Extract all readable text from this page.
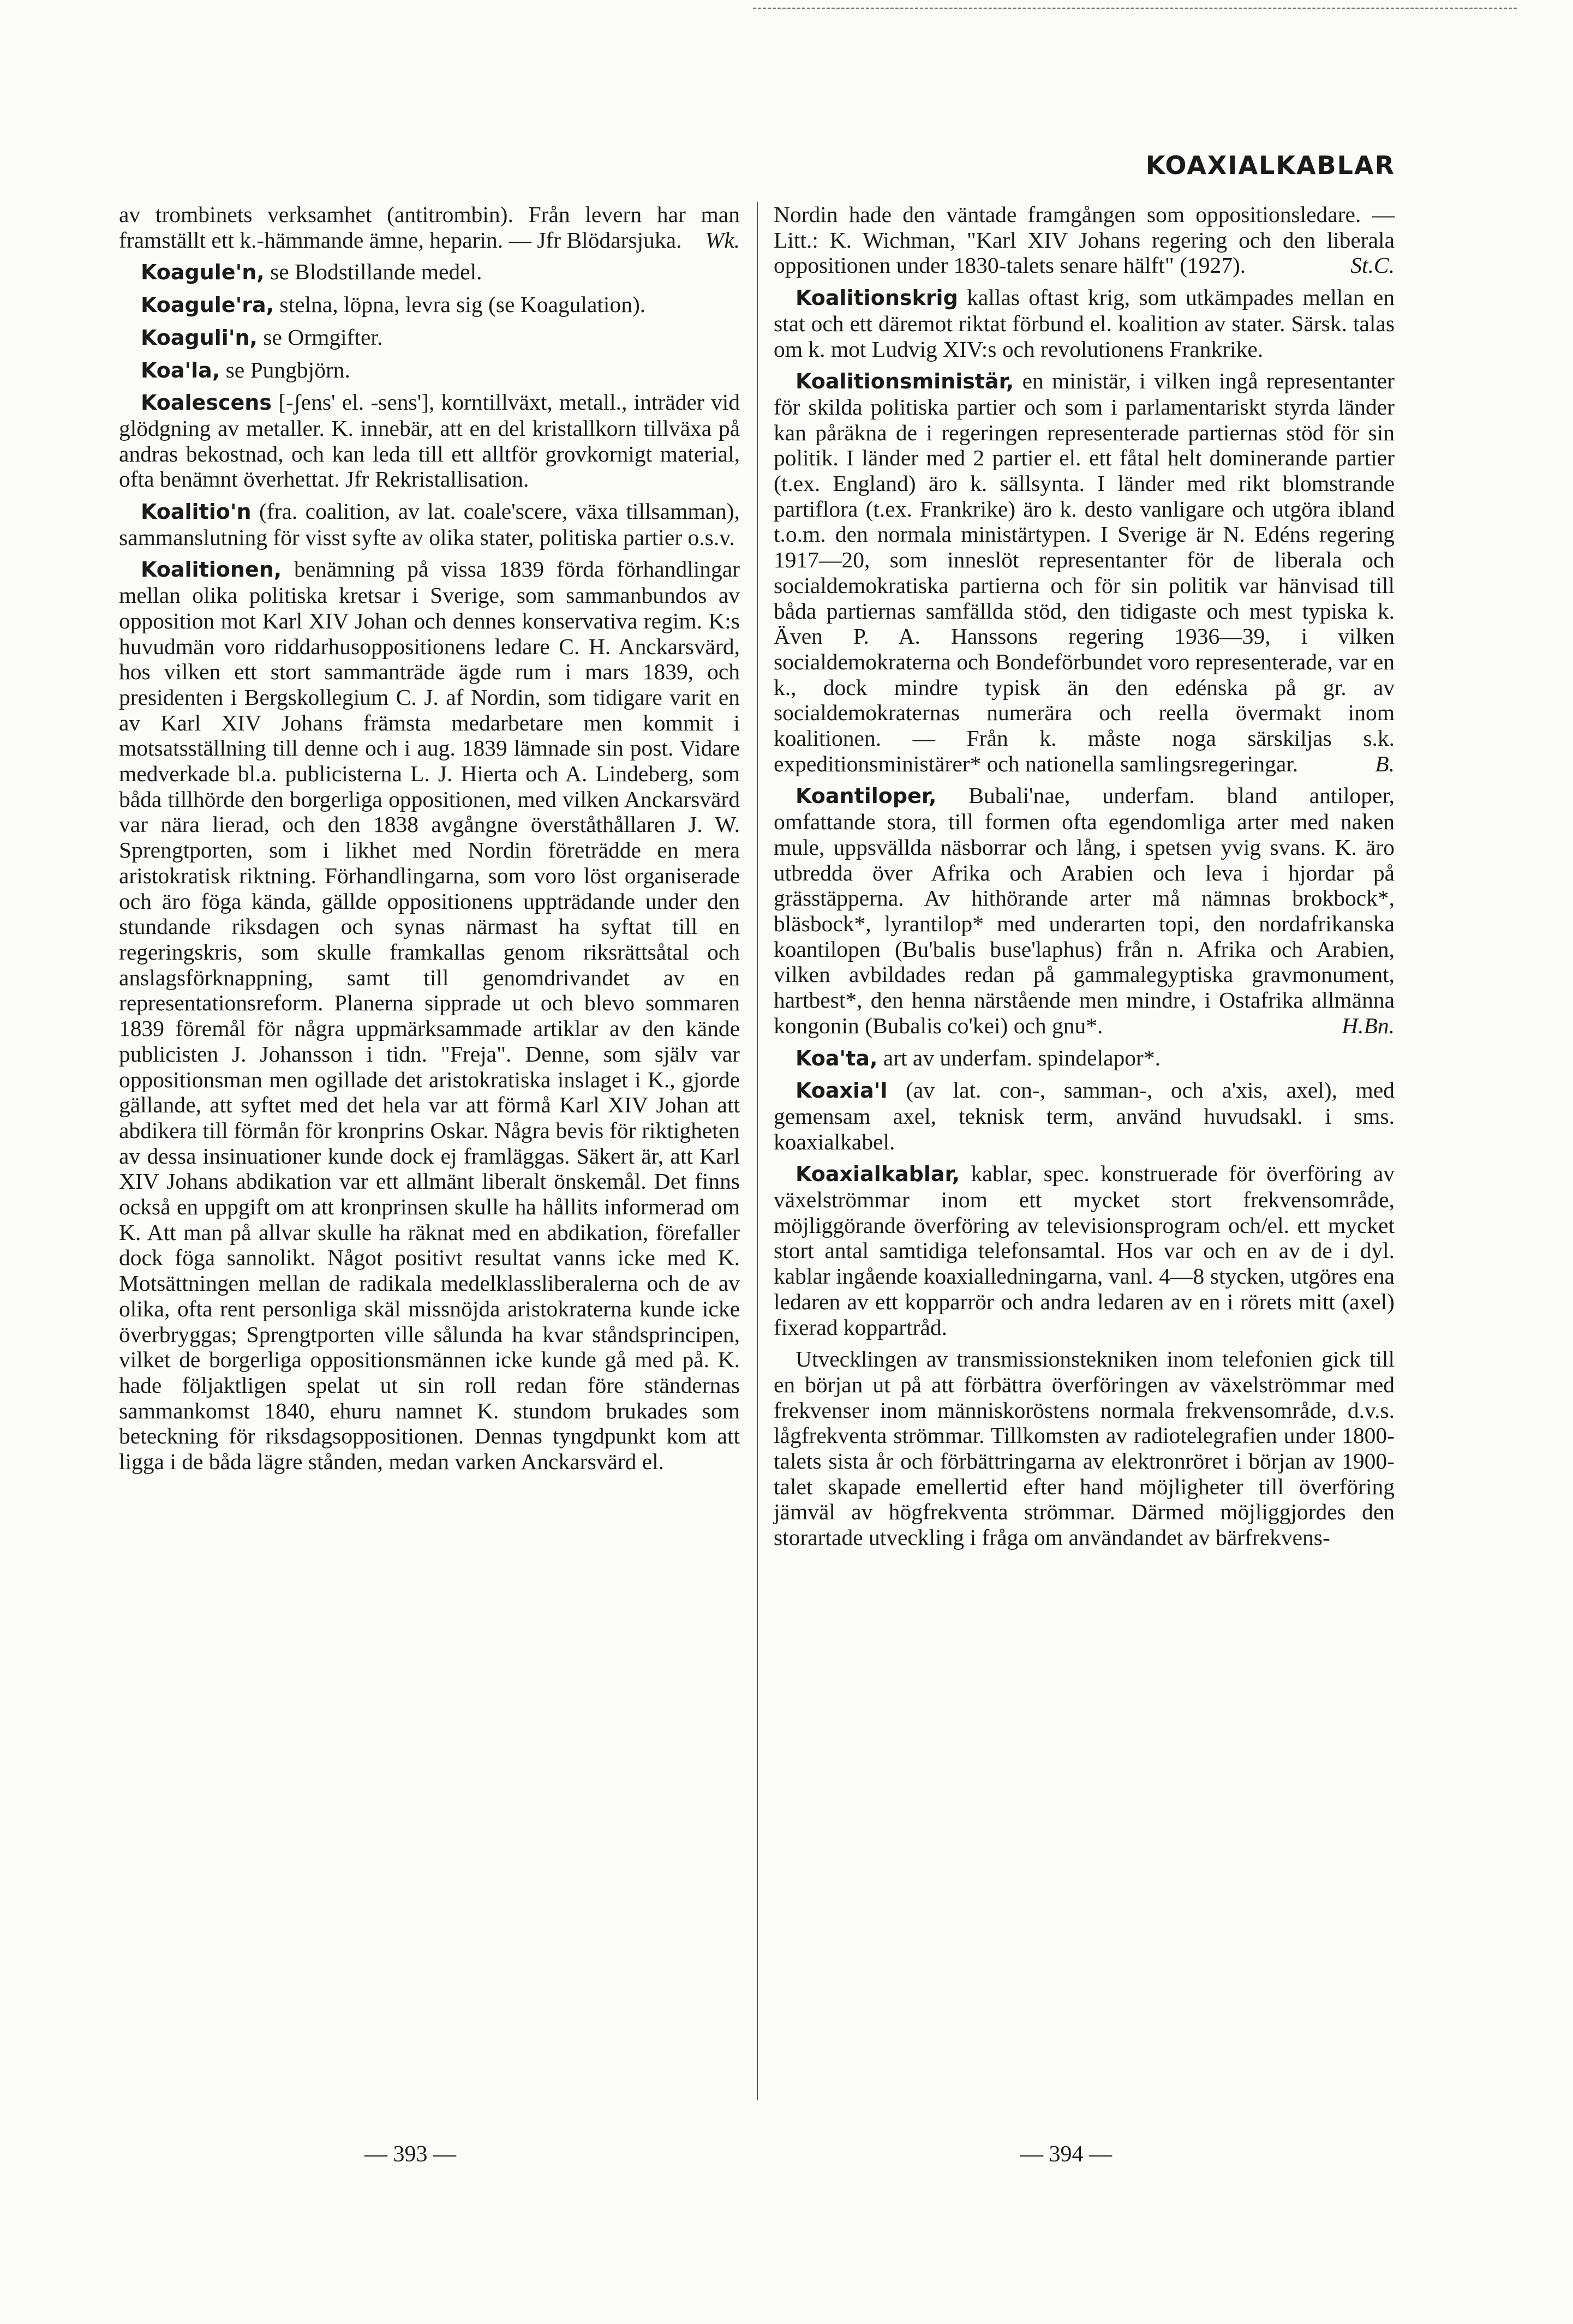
KOAXIALKABLAR

av trombinets verksamhet (antitrombin). Från levern har man framställt ett k.-hämmande ämne, heparin. — Jfr Blödarsjuka. Wk.

Koagule'n, se Blodstillande medel.

Koagule'ra, stelna, löpna, levra sig (se Koagulation).

Koaguli'n, se Ormgifter.

Koa'la, se Pungbjörn.

Koalescens [-ʃens' el. -sens'], korntillväxt, metall., inträder vid glödgning av metaller. K. innebär, att en del kristallkorn tillväxa på andras bekostnad, och kan leda till ett alltför grovkornigt material, ofta benämnt överhettat. Jfr Rekristallisation.

Koalitio'n (fra. coalition, av lat. coale'scere, växa tillsamman), sammanslutning för visst syfte av olika stater, politiska partier o.s.v.

Koalitionen, benämning på vissa 1839 förda förhandlingar mellan olika politiska kretsar i Sverige, som sammanbundos av opposition mot Karl XIV Johan och dennes konservativa regim. K:s huvudmän voro riddarhusoppositionens ledare C. H. Anckarsvärd, hos vilken ett stort sammanträde ägde rum i mars 1839, och presidenten i Bergskollegium C. J. af Nordin, som tidigare varit en av Karl XIV Johans främsta medarbetare men kommit i motsatsställning till denne och i aug. 1839 lämnade sin post. Vidare medverkade bl.a. publicisterna L. J. Hierta och A. Lindeberg, som båda tillhörde den borgerliga oppositionen, med vilken Anckarsvärd var nära lierad, och den 1838 avgångne överståthållaren J. W. Sprengtporten, som i likhet med Nordin företrädde en mera aristokratisk riktning. Förhandlingarna, som voro löst organiserade och äro föga kända, gällde oppositionens uppträdande under den stundande riksdagen och synas närmast ha syftat till en regeringskris, som skulle framkallas genom riksrättsåtal och anslagsförknappning, samt till genomdrivandet av en representationsreform. Planerna sipprade ut och blevo sommaren 1839 föremål för några uppmärksammade artiklar av den kände publicisten J. Johansson i tidn. "Freja". Denne, som själv var oppositionsman men ogillade det aristokratiska inslaget i K., gjorde gällande, att syftet med det hela var att förmå Karl XIV Johan att abdikera till förmån för kronprins Oskar. Några bevis för riktigheten av dessa insinuationer kunde dock ej framläggas. Säkert är, att Karl XIV Johans abdikation var ett allmänt liberalt önskemål. Det finns också en uppgift om att kronprinsen skulle ha hållits informerad om K. Att man på allvar skulle ha räknat med en abdikation, förefaller dock föga sannolikt. Något positivt resultat vanns icke med K. Motsättningen mellan de radikala medelklassliberalerna och de av olika, ofta rent personliga skäl missnöjda aristokraterna kunde icke överbryggas; Sprengtporten ville sålunda ha kvar ståndsprincipen, vilket de borgerliga oppositionsmännen icke kunde gå med på. K. hade följaktligen spelat ut sin roll redan före ständernas sammankomst 1840, ehuru namnet K. stundom brukades som beteckning för riksdagsoppositionen. Dennas tyngdpunkt kom att ligga i de båda lägre stånden, medan varken Anckarsvärd el.

Nordin hade den väntade framgången som oppositionsledare. — Litt.: K. Wichman, "Karl XIV Johans regering och den liberala oppositionen under 1830-talets senare hälft" (1927).	St.C.

Koalitionskrig kallas oftast krig, som utkämpades mellan en stat och ett däremot riktat förbund el. koalition av stater. Särsk. talas om k. mot Ludvig XIV:s och revolutionens Frankrike.

Koalitionsministär, en ministär, i vilken ingå representanter för skilda politiska partier och som i parlamentariskt styrda länder kan påräkna de i regeringen representerade partiernas stöd för sin politik. I länder med 2 partier el. ett fåtal helt dominerande partier (t.ex. England) äro k. sällsynta. I länder med rikt blomstrande partiflora (t.ex. Frankrike) äro k. desto vanligare och utgöra ibland t.o.m. den normala ministärtypen. I Sverige är N. Edéns regering 1917—20, som inneslöt representanter för de liberala och socialdemokratiska partierna och för sin politik var hänvisad till båda partiernas samfällda stöd, den tidigaste och mest typiska k. Även P. A. Hanssons regering 1936—39, i vilken socialdemokraterna och Bondeförbundet voro representerade, var en k., dock mindre typisk än den edénska på gr. av socialdemokraternas numerära och reella övermakt inom koalitionen. — Från k. måste noga särskiljas s.k. expeditionsministärer* och nationella samlingsregeringar.	B.

Koantiloper, Bubali'nae, underfam. bland antiloper, omfattande stora, till formen ofta egendomliga arter med naken mule, uppsvällda näsborrar och lång, i spetsen yvig svans. K. äro utbredda över Afrika och Arabien och leva i hjordar på grässtäpperna. Av hithörande arter må nämnas brokbock*, bläsbock*, lyrantilop* med underarten topi, den nordafrikanska koantilopen (Bu'balis buse'laphus) från n. Afrika och Arabien, vilken avbildades redan på gammalegyptiska gravmonument, hartbest*, den henna närstående men mindre, i Ostafrika allmänna kongonin (Bubalis co'kei) och gnu*.	H.Bn.

Koa'ta, art av underfam. spindelapor*.

Koaxia'l (av lat. con-, samman-, och a'xis, axel), med gemensam axel, teknisk term, använd huvudsakl. i sms. koaxialkabel.

Koaxialkablar, kablar, spec. konstruerade för överföring av växelströmmar inom ett mycket stort frekvensområde, möjliggörande överföring av televisionsprogram och/el. ett mycket stort antal samtidiga telefonsamtal. Hos var och en av de i dyl. kablar ingående koaxialledningarna, vanl. 4—8 stycken, utgöres ena ledaren av ett kopparrör och andra ledaren av en i rörets mitt (axel) fixerad koppartråd.

Utvecklingen av transmissionstekniken inom telefonien gick till en början ut på att förbättra överföringen av växelströmmar med frekvenser inom människoröstens normala frekvensområde, d.v.s. lågfrekventa strömmar. Tillkomsten av radiotelegrafien under 1800-talets sista år och förbättringarna av elektronröret i början av 1900-talet skapade emellertid efter hand möjligheter till överföring jämväl av högfrekventa strömmar. Därmed möjliggjordes den storartade utveckling i fråga om användandet av bärfrekvens-

— 393 —	— 394 —
